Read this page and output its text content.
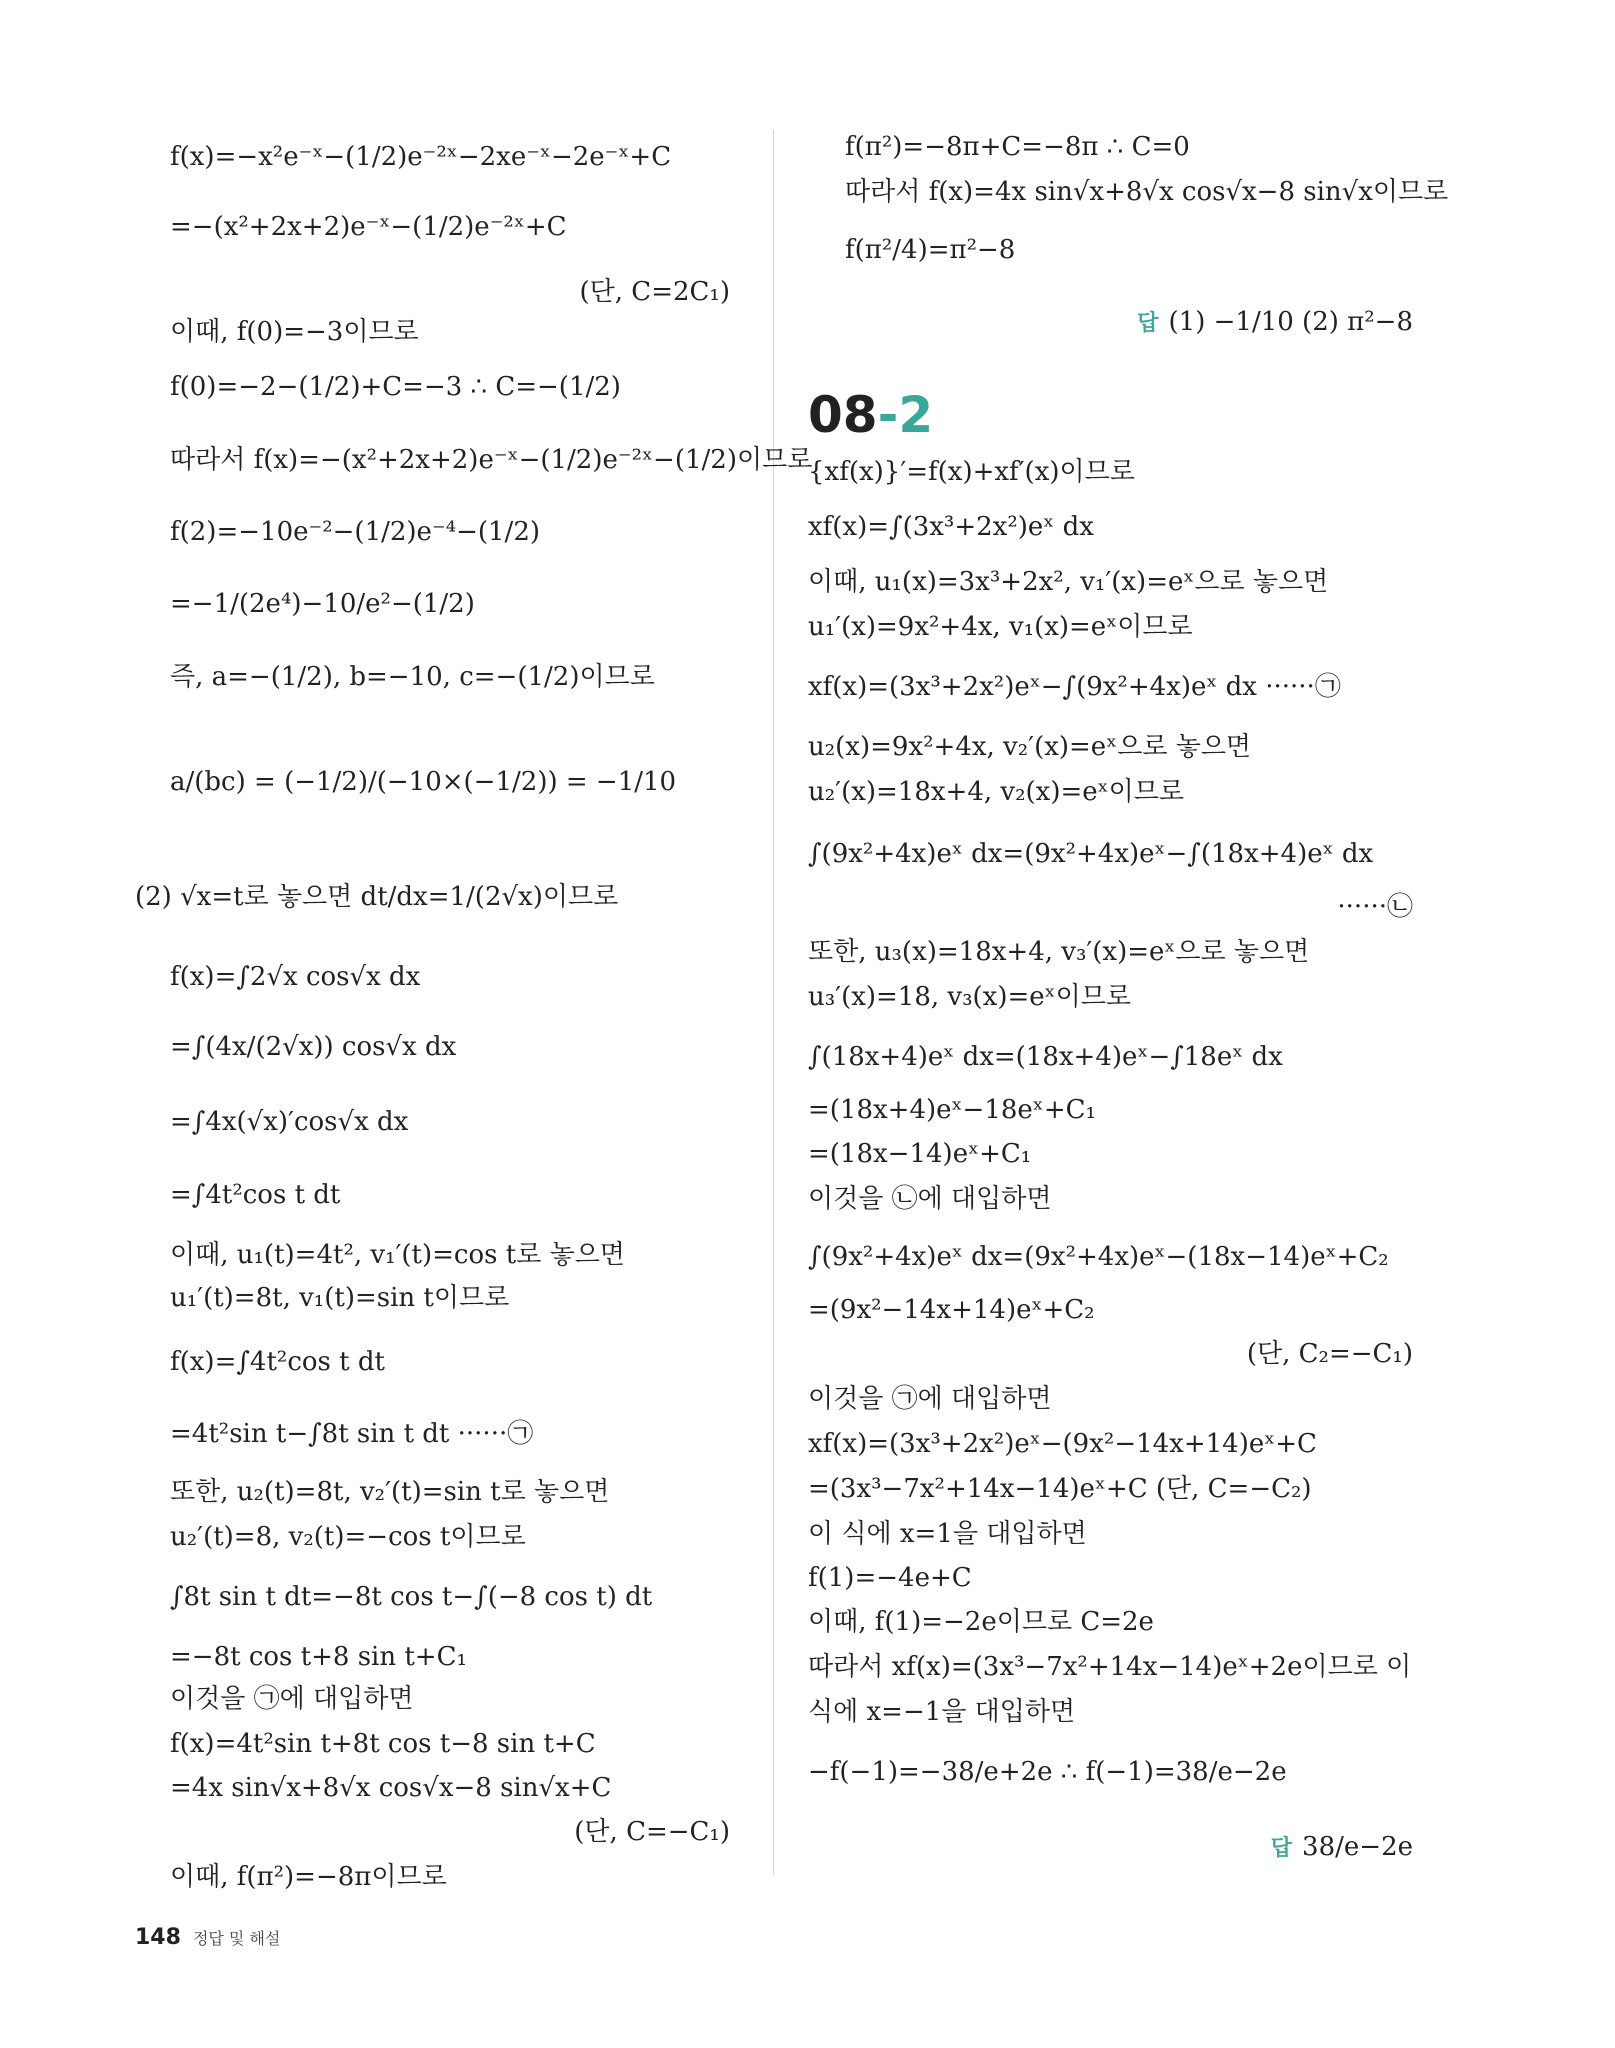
f(x)=−x²e⁻ˣ−(1/2)e⁻²ˣ−2xe⁻ˣ−2e⁻ˣ+C
=−(x²+2x+2)e⁻ˣ−(1/2)e⁻²ˣ+C
(단, C=2C₁)
이때, f(0)=−3이므로
f(0)=−2−(1/2)+C=−3 ∴ C=−(1/2)
따라서 f(x)=−(x²+2x+2)e⁻ˣ−(1/2)e⁻²ˣ−(1/2)이므로
f(2)=−10e⁻²−(1/2)e⁻⁴−(1/2)
=−1/(2e⁴)−10/e²−(1/2)
즉, a=−(1/2), b=−10, c=−(1/2)이므로
a/(bc) = (−1/2)/(−10×(−1/2)) = −1/10
(2) √x=t로 놓으면 dt/dx=1/(2√x)이므로
f(x)=∫2√x cos√x dx
=∫(4x/(2√x)) cos√x dx
=∫4x(√x)′cos√x dx
=∫4t²cos t dt
이때, u₁(t)=4t², v₁′(t)=cos t로 놓으면
u₁′(t)=8t, v₁(t)=sin t이므로
f(x)=∫4t²cos t dt
=4t²sin t−∫8t sin t dt ······㉠
또한, u₂(t)=8t, v₂′(t)=sin t로 놓으면
u₂′(t)=8, v₂(t)=−cos t이므로
∫8t sin t dt=−8t cos t−∫(−8 cos t) dt
=−8t cos t+8 sin t+C₁
이것을 ㉠에 대입하면
f(x)=4t²sin t+8t cos t−8 sin t+C
=4x sin√x+8√x cos√x−8 sin√x+C
(단, C=−C₁)
이때, f(π²)=−8π이므로
f(π²)=−8π+C=−8π ∴ C=0
따라서 f(x)=4x sin√x+8√x cos√x−8 sin√x이므로
f(π²/4)=π²−8
답 (1) −1/10 (2) π²−8
08-2
{xf(x)}′=f(x)+xf′(x)이므로
xf(x)=∫(3x³+2x²)eˣ dx
이때, u₁(x)=3x³+2x², v₁′(x)=eˣ으로 놓으면
u₁′(x)=9x²+4x, v₁(x)=eˣ이므로
xf(x)=(3x³+2x²)eˣ−∫(9x²+4x)eˣ dx ······㉠
u₂(x)=9x²+4x, v₂′(x)=eˣ으로 놓으면
u₂′(x)=18x+4, v₂(x)=eˣ이므로
∫(9x²+4x)eˣ dx=(9x²+4x)eˣ−∫(18x+4)eˣ dx
······㉡
또한, u₃(x)=18x+4, v₃′(x)=eˣ으로 놓으면
u₃′(x)=18, v₃(x)=eˣ이므로
∫(18x+4)eˣ dx=(18x+4)eˣ−∫18eˣ dx
=(18x+4)eˣ−18eˣ+C₁
=(18x−14)eˣ+C₁
이것을 ㉡에 대입하면
∫(9x²+4x)eˣ dx=(9x²+4x)eˣ−(18x−14)eˣ+C₂
=(9x²−14x+14)eˣ+C₂
(단, C₂=−C₁)
이것을 ㉠에 대입하면
xf(x)=(3x³+2x²)eˣ−(9x²−14x+14)eˣ+C
=(3x³−7x²+14x−14)eˣ+C (단, C=−C₂)
이 식에 x=1을 대입하면
f(1)=−4e+C
이때, f(1)=−2e이므로 C=2e
따라서 xf(x)=(3x³−7x²+14x−14)eˣ+2e이므로 이
식에 x=−1을 대입하면
−f(−1)=−38/e+2e ∴ f(−1)=38/e−2e
답 38/e−2e
148 정답 및 해설
